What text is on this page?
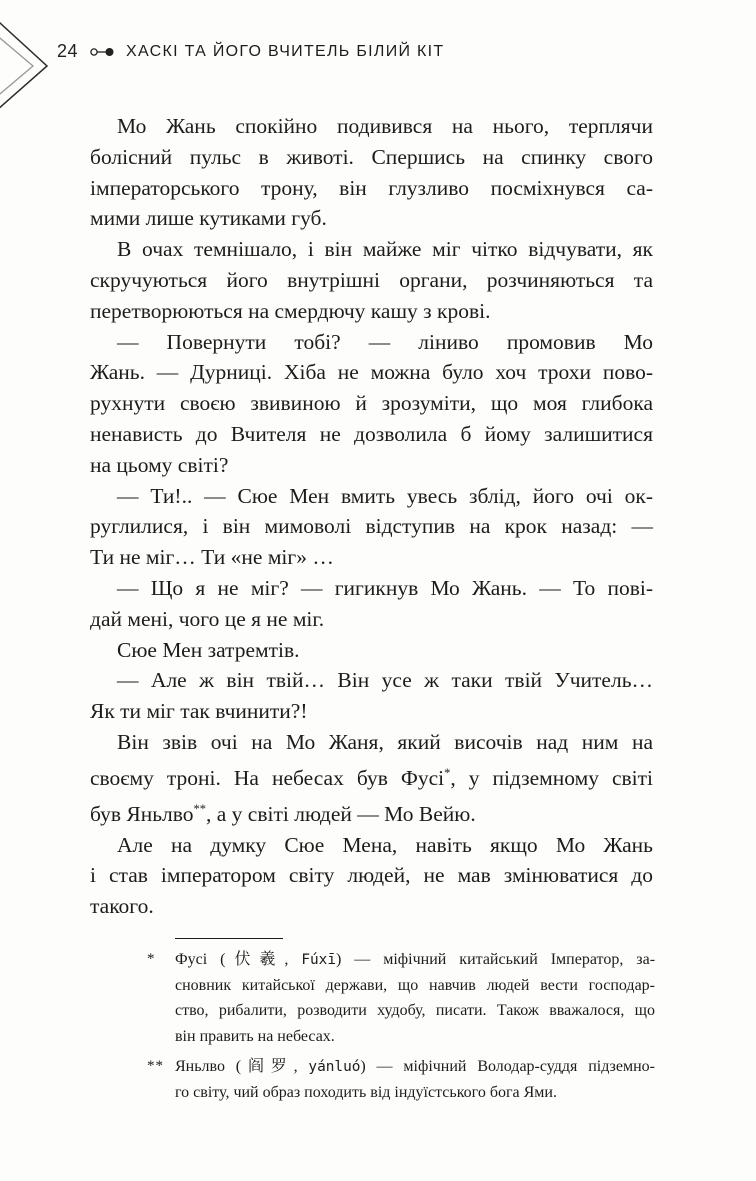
24	ХАСКІ ТА ЙОГО ВЧИТЕЛЬ БІЛИЙ КІТ

Мо Жань спокійно подивився на нього, терплячи
болісний пульс в животі. Спершись на спинку свого
імператорського трону, він глузливо посміхнувся са-
мими лише кутиками губ.

В очах темнішало, і він майже міг чітко відчувати, як
скручуються його внутрішні органи, розчиняються та
перетворюються на смердючу кашу з крові.

— Повернути тобі? — ліниво промовив Мо
Жань. — Дурниці. Хіба не можна було хоч трохи пово-
рухнути своєю звивиною й зрозуміти, що моя глибока
ненависть до Вчителя не дозволила б йому залишитися
на цьому світі?

— Ти!.. — Сюе Мен вмить увесь зблід, його очі ок-
руглилися, і він мимоволі відступив на крок назад: —
Ти не міг… Ти «не міг» …

— Що я не міг? — гигикнув Мо Жань. — То пові-
дай мені, чого це я не міг.

Сюе Мен затремтів.

— Але ж він твій… Він усе ж таки твій Учитель…
Як ти міг так вчинити?!

Він звів очі на Мо Жаня, який височів над ним на
своєму троні. На небесах був Фусі*, у підземному світі
був Яньлво**, а у світі людей — Мо Вейю.

Але на думку Сюе Мена, навіть якщо Мо Жань
і став імператором світу людей, не мав змінюватися до
такого.

* Фусі (伏羲, Fúxī) — міфічний китайський Імператор, за-
сновник китайської держави, що навчив людей вести господар-
ство, рибалити, розводити худобу, писати. Також вважалося, що
він править на небесах.
** Яньлво (阎罗, yánluó) — міфічний Володар-суддя підземно-
го світу, чий образ походить від індуїстського бога Ями.
